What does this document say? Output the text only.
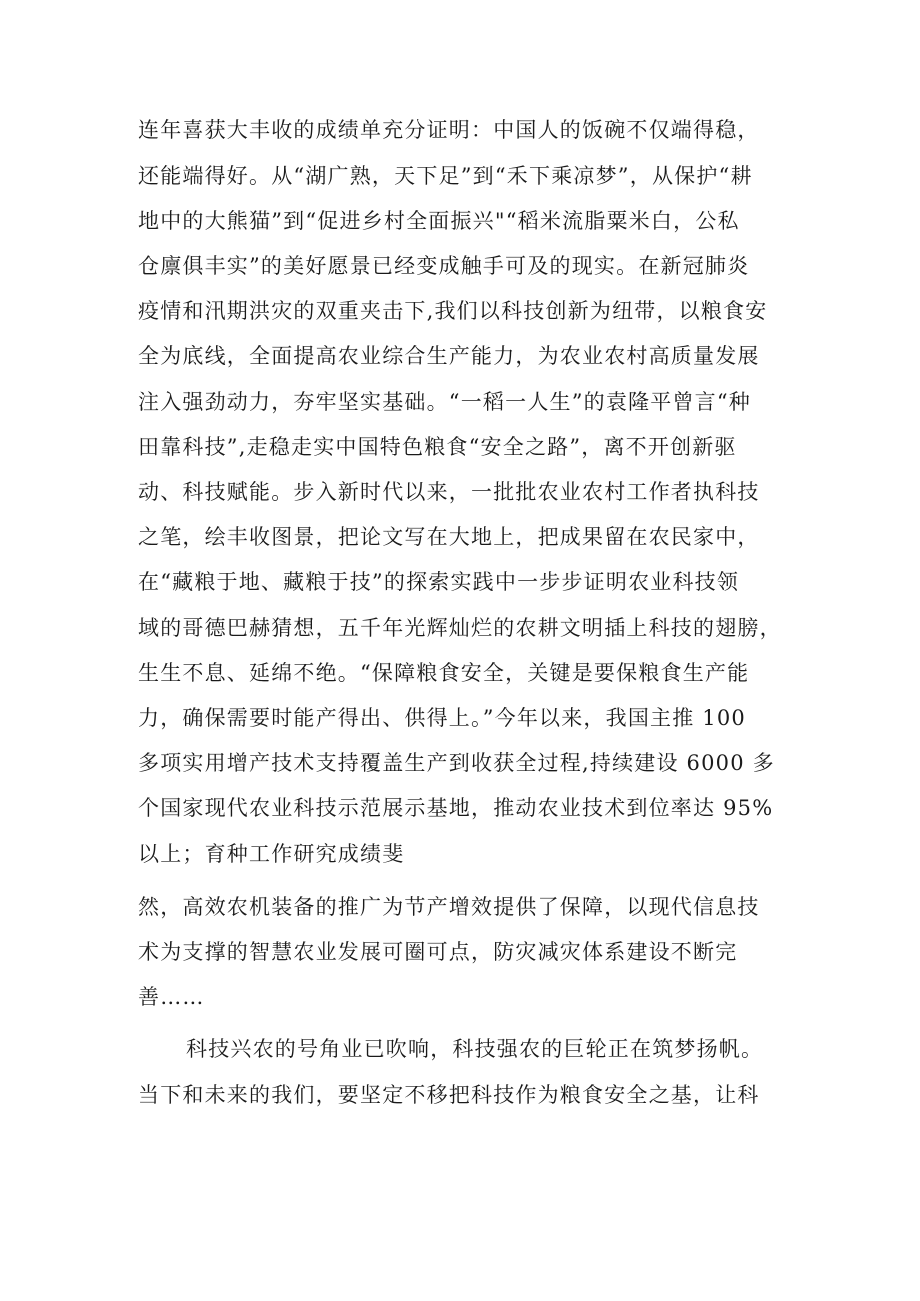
连年喜获大丰收的成绩单充分证明：中国人的饭碗不仅端得稳，
还能端得好。从“湖广熟，天下足”到“禾下乘凉梦”，从保护“耕
地中的大熊猫”到“促进乡村全面振兴"“稻米流脂粟米白，公私
仓廪俱丰实”的美好愿景已经变成触手可及的现实。在新冠肺炎
疫情和汛期洪灾的双重夹击下,我们以科技创新为纽带，以粮食安
全为底线，全面提高农业综合生产能力，为农业农村高质量发展
注入强劲动力，夯牢坚实基础。“一稻一人生”的袁隆平曾言“种
田靠科技”,走稳走实中国特色粮食“安全之路”，离不开创新驱
动、科技赋能。步入新时代以来，一批批农业农村工作者执科技
之笔，绘丰收图景，把论文写在大地上，把成果留在农民家中，
在“藏粮于地、藏粮于技”的探索实践中一步步证明农业科技领
域的哥德巴赫猜想，五千年光辉灿烂的农耕文明插上科技的翅膀，
生生不息、延绵不绝。“保障粮食安全，关键是要保粮食生产能
力，确保需要时能产得出、供得上。”今年以来，我国主推 100
多项实用增产技术支持覆盖生产到收获全过程,持续建设 6000 多
个国家现代农业科技示范展示基地，推动农业技术到位率达 95%
以上；育种工作研究成绩斐
然，高效农机装备的推广为节产增效提供了保障，以现代信息技
术为支撑的智慧农业发展可圈可点，防灾减灾体系建设不断完
善……
科技兴农的号角业已吹响，科技强农的巨轮正在筑梦扬帆。
当下和未来的我们，要坚定不移把科技作为粮食安全之基，让科
